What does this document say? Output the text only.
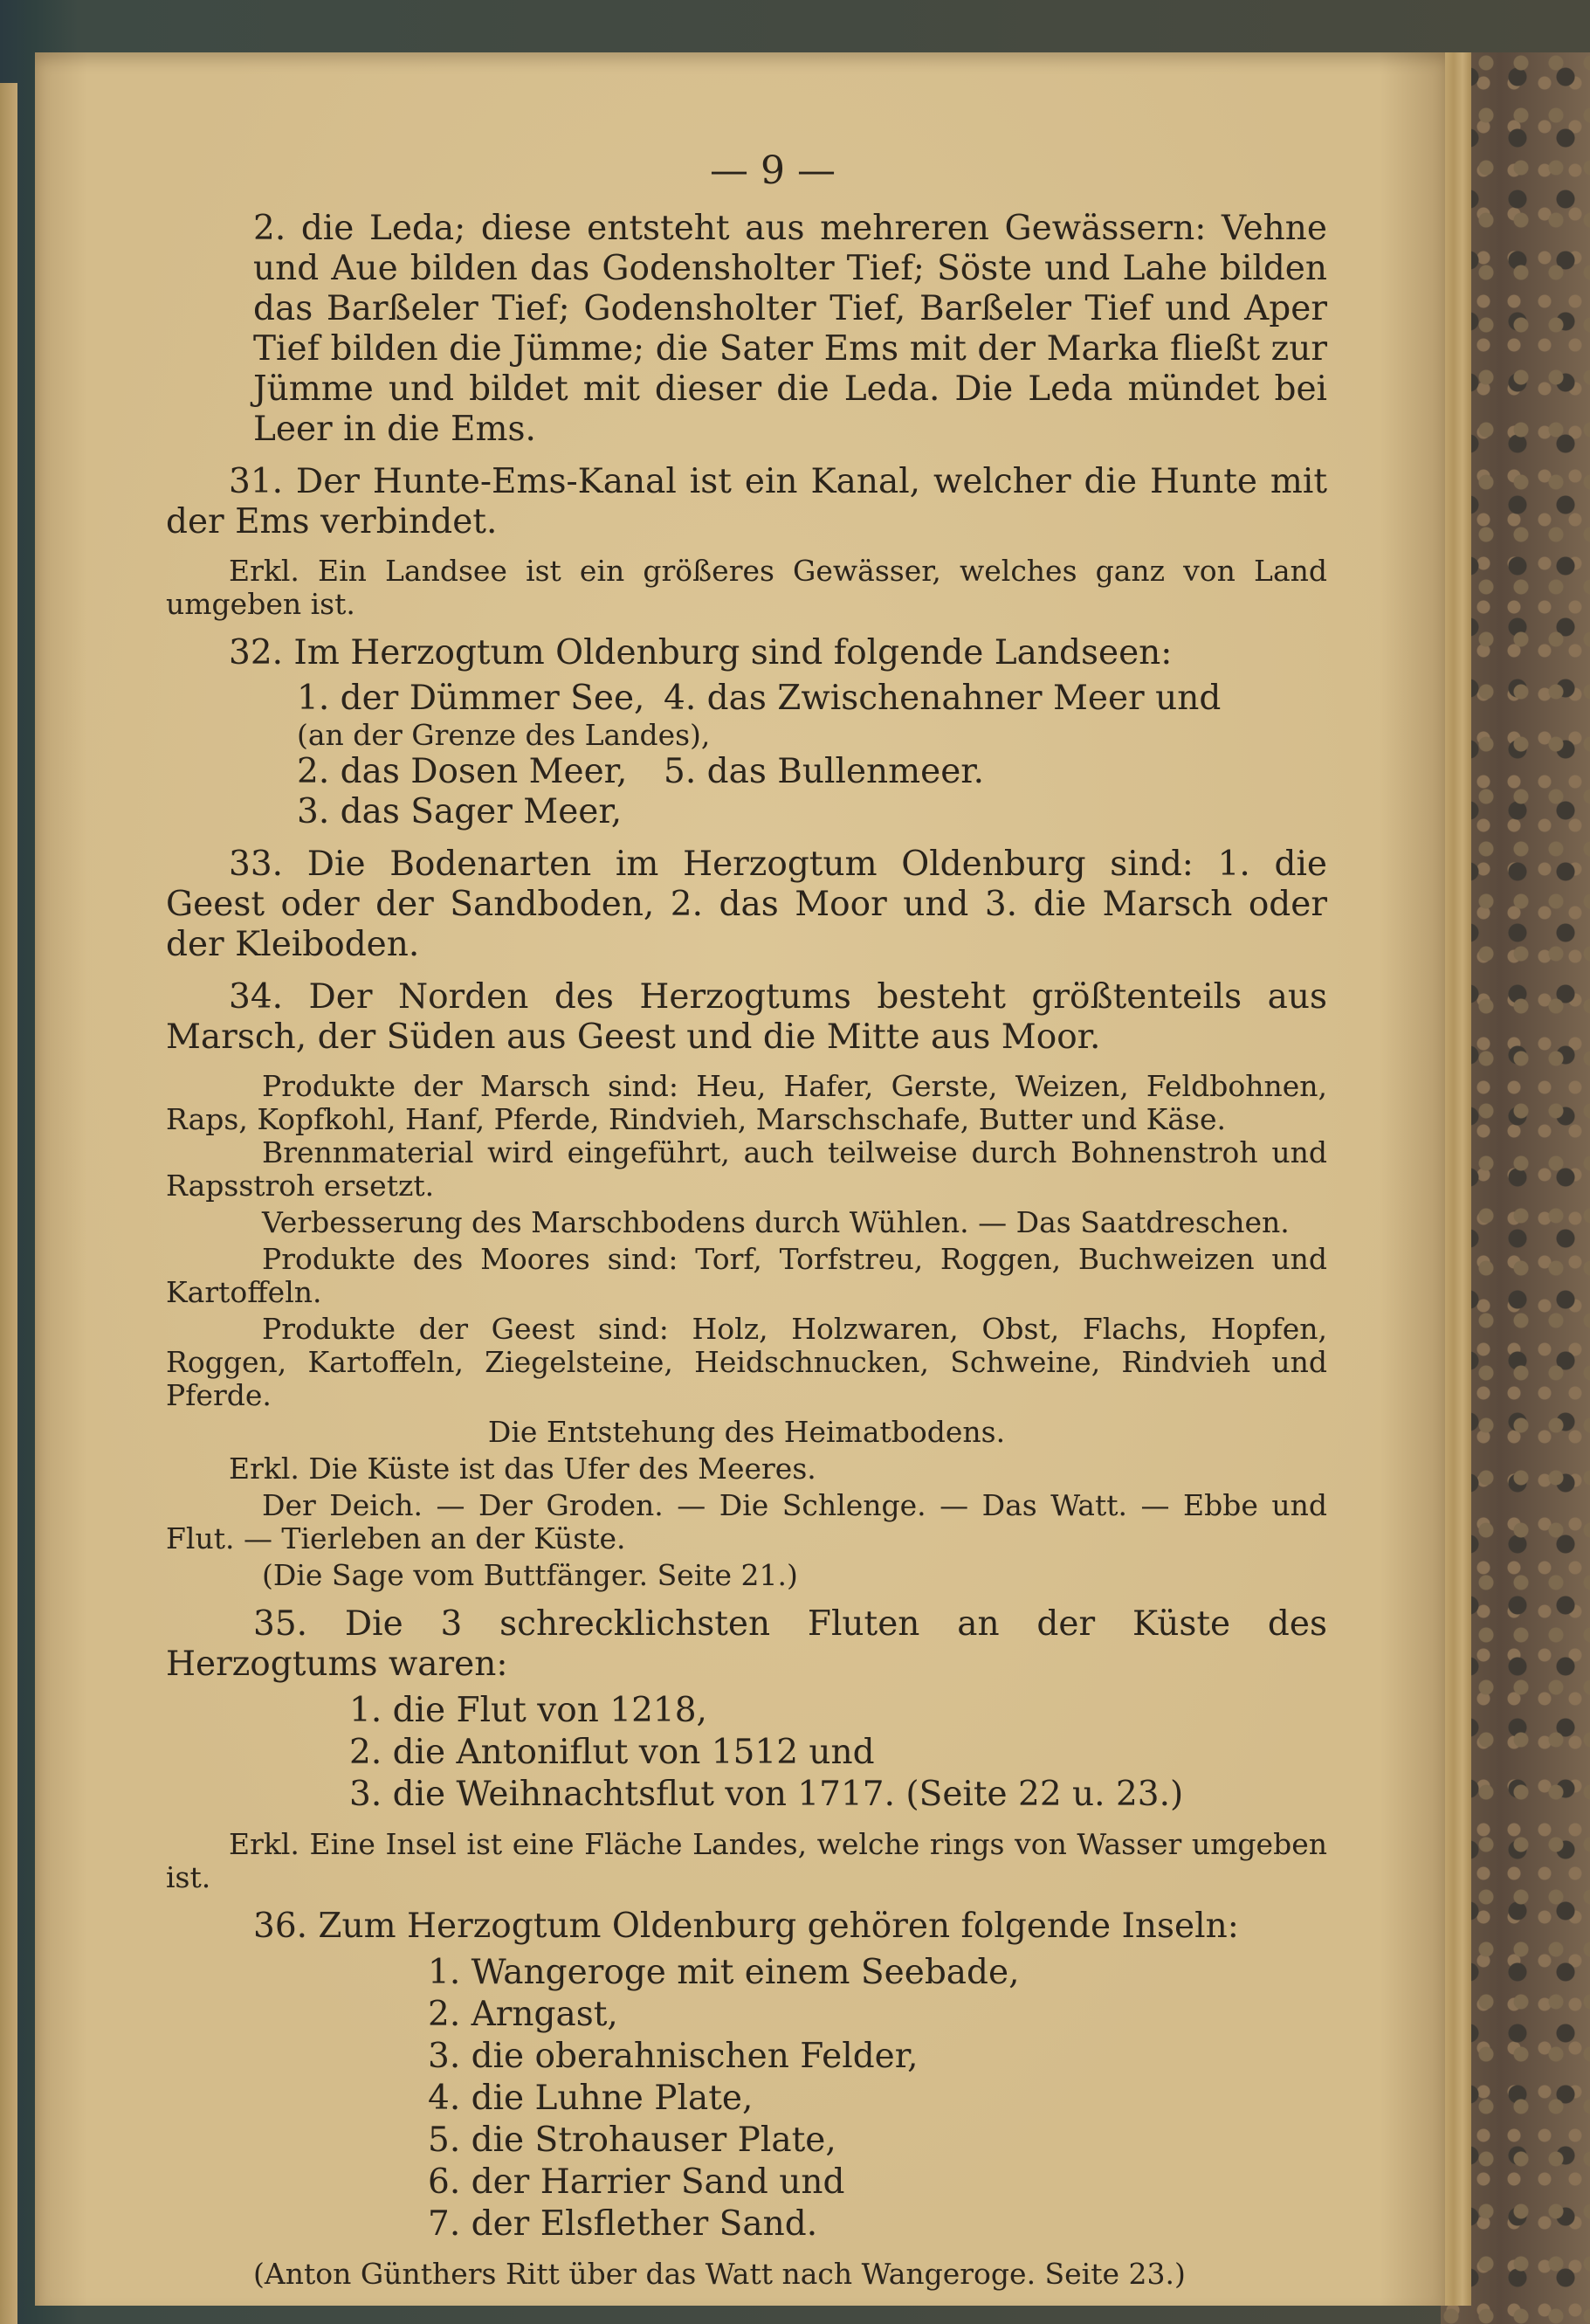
— 9 —

2. die Leda; diese entsteht aus mehreren Gewässern: Vehne und Aue bilden das Godensholter Tief; Söste und Lahe bilden das Barßeler Tief; Godensholter Tief, Barßeler Tief und Aper Tief bilden die Jümme; die Sater Ems mit der Marka fließt zur Jümme und bildet mit dieser die Leda. Die Leda mündet bei Leer in die Ems.

31. Der Hunte-Ems-Kanal ist ein Kanal, welcher die Hunte mit der Ems verbindet.

Erkl. Ein Landsee ist ein größeres Gewässer, welches ganz von Land umgeben ist.

32. Im Herzogtum Oldenburg sind folgende Landseen:

1. der Dümmer See, 4. das Zwischenahner Meer und
(an der Grenze des Landes),
2. das Dosen Meer,	5. das Bullenmeer.
3. das Sager Meer,

33. Die Bodenarten im Herzogtum Oldenburg sind: 1. die Geest oder der Sandboden, 2. das Moor und 3. die Marsch oder der Kleiboden.

34. Der Norden des Herzogtums besteht größtenteils aus Marsch, der Süden aus Geest und die Mitte aus Moor.

Produkte der Marsch sind: Heu, Hafer, Gerste, Weizen, Feldbohnen, Raps, Kopfkohl, Hanf, Pferde, Rindvieh, Marschschafe, Butter und Käse.

Brennmaterial wird eingeführt, auch teilweise durch Bohnenstroh und Rapsstroh ersetzt.

Verbesserung des Marschbodens durch Wühlen. — Das Saatdreschen.

Produkte des Moores sind: Torf, Torfstreu, Roggen, Buchweizen und Kartoffeln.

Produkte der Geest sind: Holz, Holzwaren, Obst, Flachs, Hopfen, Roggen, Kartoffeln, Ziegelsteine, Heidschnucken, Schweine, Rindvieh und Pferde.

Die Entstehung des Heimatbodens.

Erkl. Die Küste ist das Ufer des Meeres.

Der Deich. — Der Groden. — Die Schlenge. — Das Watt. — Ebbe und Flut. — Tierleben an der Küste.

(Die Sage vom Buttfänger. Seite 21.)

35. Die 3 schrecklichsten Fluten an der Küste des Herzogtums waren:

1. die Flut von 1218,
2. die Antoniflut von 1512 und
3. die Weihnachtsflut von 1717. (Seite 22 u. 23.)

Erkl. Eine Insel ist eine Fläche Landes, welche rings von Wasser umgeben ist.

36. Zum Herzogtum Oldenburg gehören folgende Inseln:

1. Wangeroge mit einem Seebade,
2. Arngast,
3. die oberahnischen Felder,
4. die Luhne Plate,
5. die Strohauser Plate,
6. der Harrier Sand und
7. der Elsflether Sand.

(Anton Günthers Ritt über das Watt nach Wangeroge. Seite 23.)
